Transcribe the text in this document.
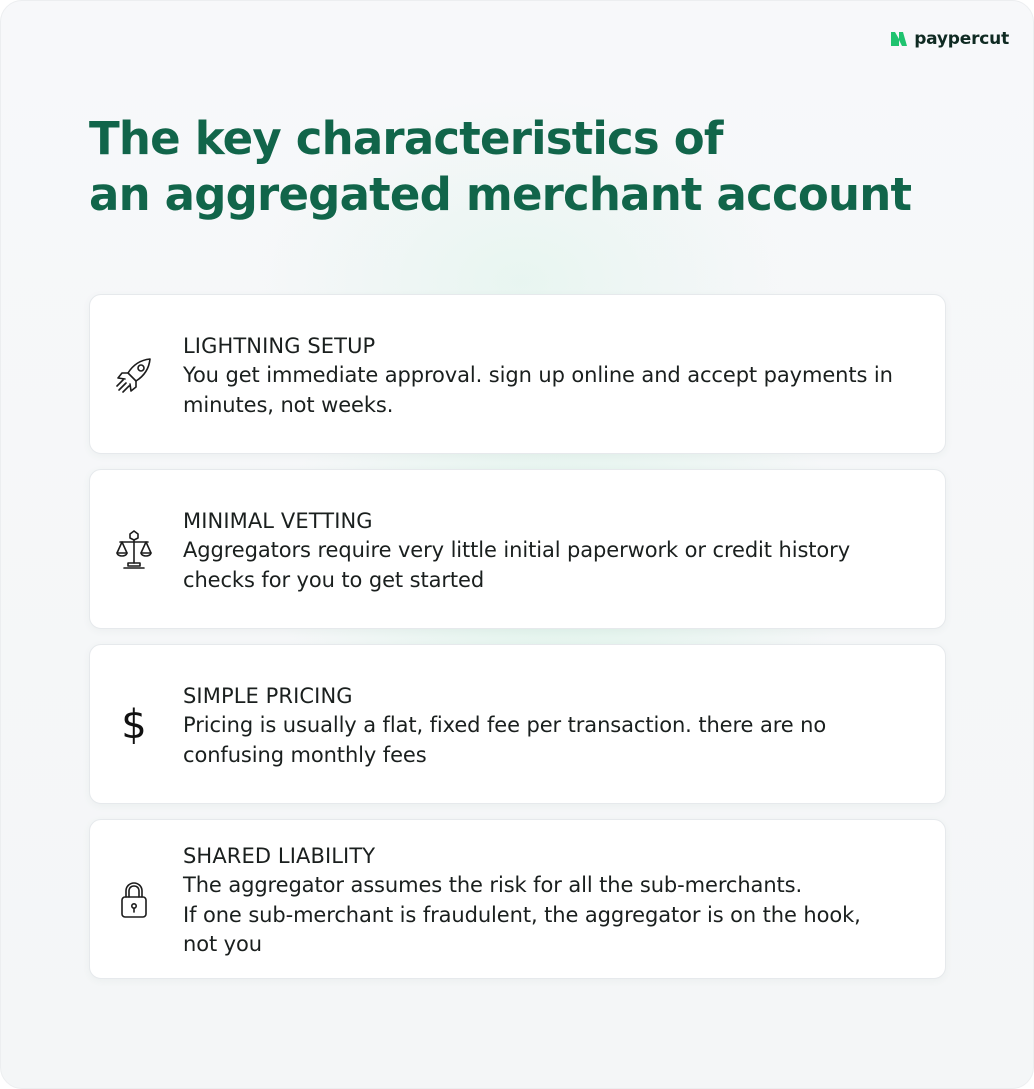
paypercut
The key characteristics of
an aggregated merchant account
LIGHTNING SETUP
You get immediate approval. sign up online and accept payments in
minutes, not weeks.
MINIMAL VETTING
Aggregators require very little initial paperwork or credit history
checks for you to get started
$
SIMPLE PRICING
Pricing is usually a flat, fixed fee per transaction. there are no
confusing monthly fees
SHARED LIABILITY
The aggregator assumes the risk for all the sub-merchants.
If one sub-merchant is fraudulent, the aggregator is on the hook,
not you
